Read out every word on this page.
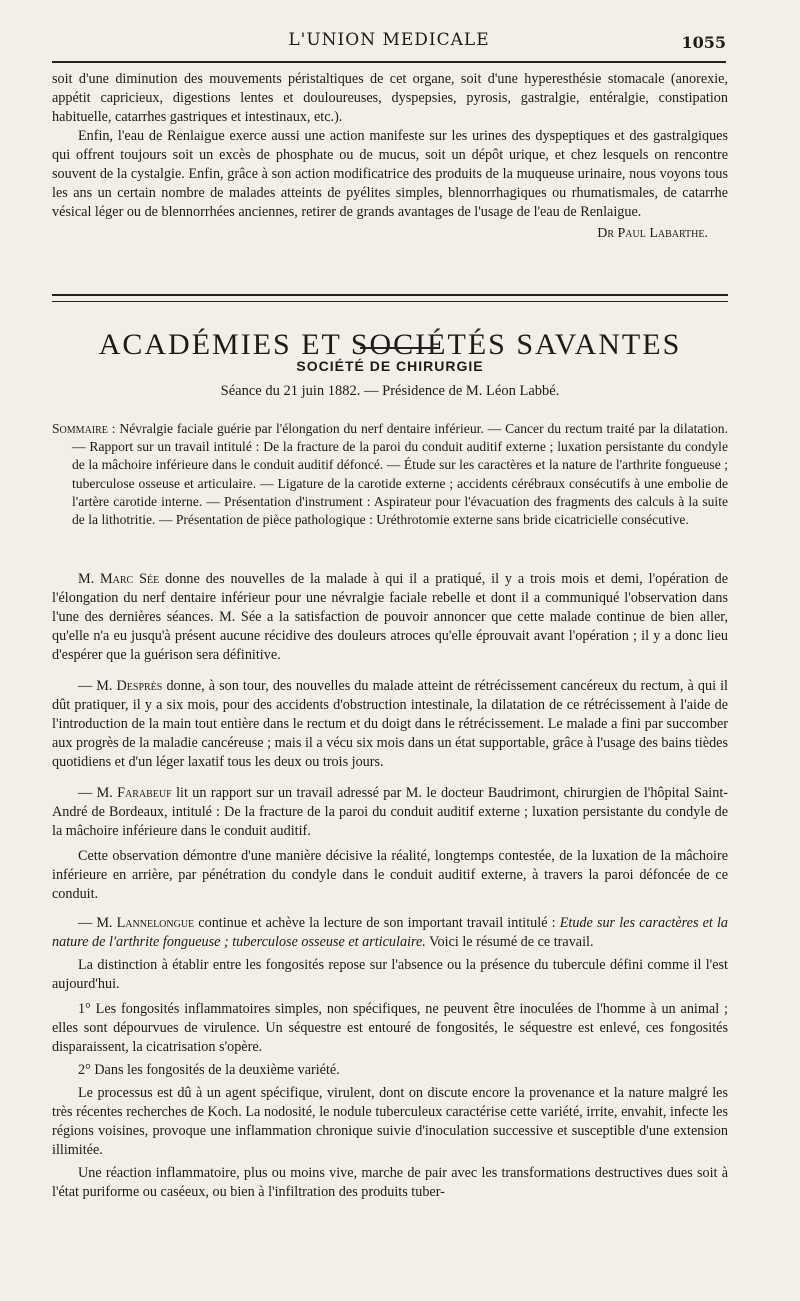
L'UNION MEDICALE	1055

soit d'une diminution des mouvements péristaltiques de cet organe, soit d'une hyperesthésie stomacale (anorexie, appétit capricieux, digestions lentes et douloureuses, dyspepsies, pyrosis, gastralgie, entéralgie, constipation habituelle, catarrhes gastriques et intestinaux, etc.).

Enfin, l'eau de Renlaigue exerce aussi une action manifeste sur les urines des dyspeptiques et des gastralgiques qui offrent toujours soit un excès de phosphate ou de mucus, soit un dépôt urique, et chez lesquels on rencontre souvent de la cystalgie. Enfin, grâce à son action modificatrice des produits de la muqueuse urinaire, nous voyons tous les ans un certain nombre de malades atteints de pyélites simples, blennorrhagiques ou rhumatismales, de catarrhe vésical léger ou de blennorrhées anciennes, retirer de grands avantages de l'usage de l'eau de Renlaigue.

Dr Paul Labarthe.
ACADÉMIES ET SOCIÉTÉS SAVANTES
SOCIÉTÉ DE CHIRURGIE
Séance du 21 juin 1882. — Présidence de M. Léon Labbé.

Sommaire : Névralgie faciale guérie par l'élongation du nerf dentaire inférieur. — Cancer du rectum traité par la dilatation. — Rapport sur un travail intitulé : De la fracture de la paroi du conduit auditif externe ; luxation persistante du condyle de la mâchoire inférieure dans le conduit auditif défoncé. — Étude sur les caractères et la nature de l'arthrite fongueuse ; tuberculose osseuse et articulaire. — Ligature de la carotide externe ; accidents cérébraux consécutifs à une embolie de l'artère carotide interne. — Présentation d'instrument : Aspirateur pour l'évacuation des fragments des calculs à la suite de la lithotritie. — Présentation de pièce pathologique : Uréthrotomie externe sans bride cicatricielle consécutive.

M. Marc Sée donne des nouvelles de la malade à qui il a pratiqué, il y a trois mois et demi, l'opération de l'élongation du nerf dentaire inférieur pour une névralgie faciale rebelle et dont il a communiqué l'observation dans l'une des dernières séances. M. Sée a la satisfaction de pouvoir annoncer que cette malade continue de bien aller, qu'elle n'a eu jusqu'à présent aucune récidive des douleurs atroces qu'elle éprouvait avant l'opération ; il y a donc lieu d'espérer que la guérison sera définitive.

— M. Desprès donne, à son tour, des nouvelles du malade atteint de rétrécissement cancéreux du rectum, à qui il dût pratiquer, il y a six mois, pour des accidents d'obstruction intestinale, la dilatation de ce rétrécissement à l'aide de l'introduction de la main tout entière dans le rectum et du doigt dans le rétrécissement. Le malade a fini par succomber aux progrès de la maladie cancéreuse ; mais il a vécu six mois dans un état supportable, grâce à l'usage des bains tièdes quotidiens et d'un léger laxatif tous les deux ou trois jours.

— M. Farabeuf lit un rapport sur un travail adressé par M. le docteur Baudrimont, chirurgien de l'hôpital Saint-André de Bordeaux, intitulé : De la fracture de la paroi du conduit auditif externe ; luxation persistante du condyle de la mâchoire inférieure dans le conduit auditif.

Cette observation démontre d'une manière décisive la réalité, longtemps contestée, de la luxation de la mâchoire inférieure en arrière, par pénétration du condyle dans le conduit auditif externe, à travers la paroi défoncée de ce conduit.

— M. Lannelongue continue et achève la lecture de son important travail intitulé : Etude sur les caractères et la nature de l'arthrite fongueuse ; tuberculose osseuse et articulaire. Voici le résumé de ce travail.

La distinction à établir entre les fongosités repose sur l'absence ou la présence du tubercule défini comme il l'est aujourd'hui.

1° Les fongosités inflammatoires simples, non spécifiques, ne peuvent être inoculées de l'homme à un animal ; elles sont dépourvues de virulence. Un séquestre est entouré de fongosités, le séquestre est enlevé, ces fongosités disparaissent, la cicatrisation s'opère.

2° Dans les fongosités de la deuxième variété.

Le processus est dû à un agent spécifique, virulent, dont on discute encore la provenance et la nature malgré les très récentes recherches de Koch. La nodosité, le nodule tuberculeux caractérise cette variété, irrite, envahit, infecte les régions voisines, provoque une inflammation chronique suivie d'inoculation successive et susceptible d'une extension illimitée.

Une réaction inflammatoire, plus ou moins vive, marche de pair avec les transformations destructives dues soit à l'état puriforme ou caséeux, ou bien à l'infiltration des produits tuber-
